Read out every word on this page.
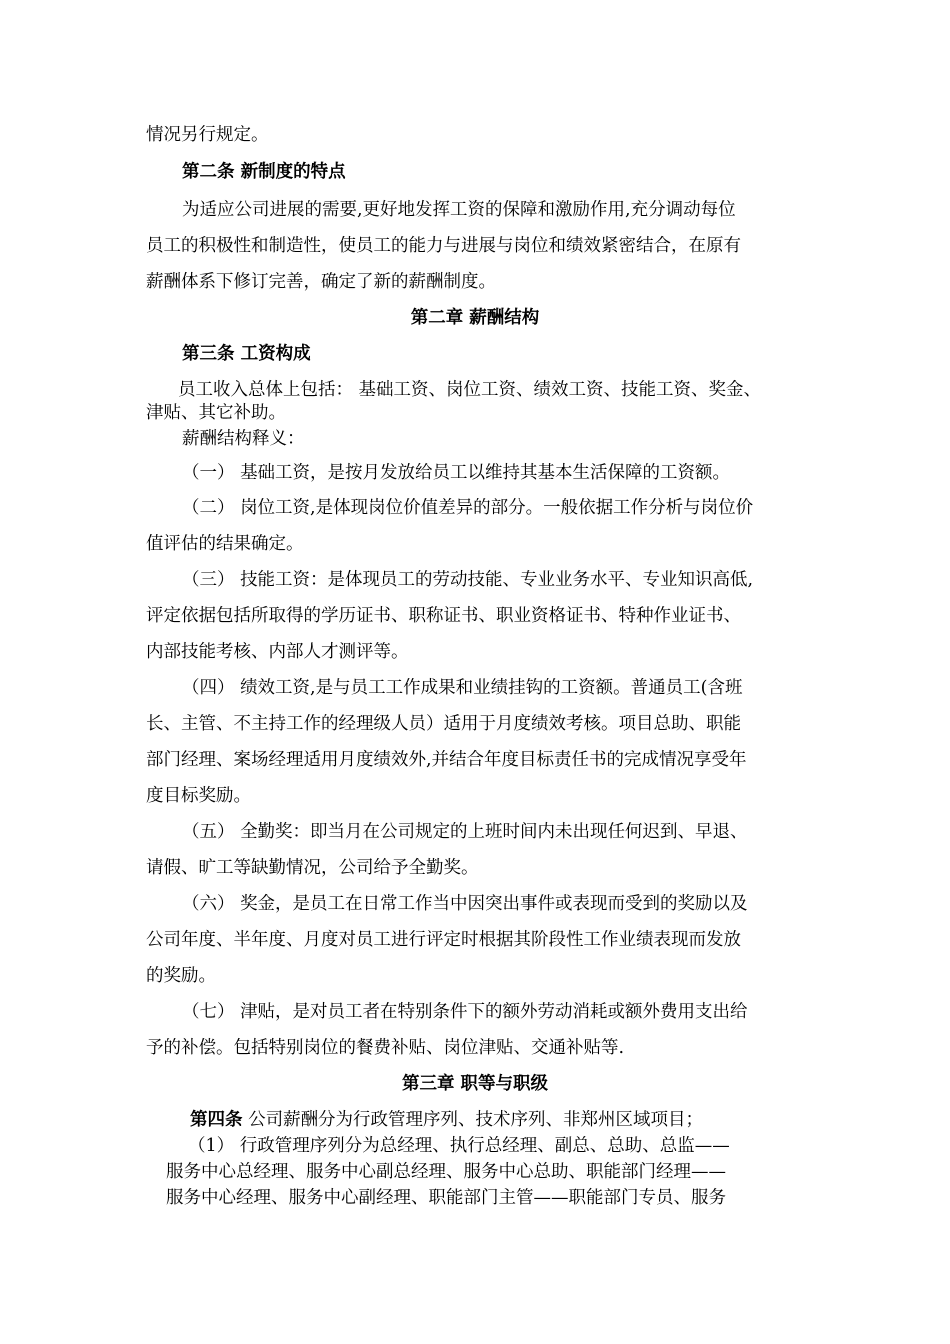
情况另行规定。
第二条 新制度的特点
为适应公司进展的需要,更好地发挥工资的保障和激励作用,充分调动每位
员工的积极性和制造性，使员工的能力与进展与岗位和绩效紧密结合，在原有
薪酬体系下修订完善，确定了新的薪酬制度。
第二章 薪酬结构
第三条 工资构成
员工收入总体上包括： 基础工资、岗位工资、绩效工资、技能工资、奖金、
津贴、其它补助。
薪酬结构释义：
（一） 基础工资，是按月发放给员工以维持其基本生活保障的工资额。
（二） 岗位工资,是体现岗位价值差异的部分。一般依据工作分析与岗位价
值评估的结果确定。
（三） 技能工资：是体现员工的劳动技能、专业业务水平、专业知识高低,
评定依据包括所取得的学历证书、职称证书、职业资格证书、特种作业证书、
内部技能考核、内部人才测评等。
（四） 绩效工资,是与员工工作成果和业绩挂钩的工资额。普通员工(含班
长、主管、不主持工作的经理级人员）适用于月度绩效考核。项目总助、职能
部门经理、案场经理适用月度绩效外,并结合年度目标责任书的完成情况享受年
度目标奖励。
（五） 全勤奖：即当月在公司规定的上班时间内未出现任何迟到、早退、
请假、旷工等缺勤情况，公司给予全勤奖。
（六） 奖金，是员工在日常工作当中因突出事件或表现而受到的奖励以及
公司年度、半年度、月度对员工进行评定时根据其阶段性工作业绩表现而发放
的奖励。
（七） 津贴，是对员工者在特别条件下的额外劳动消耗或额外费用支出给
予的补偿。包括特别岗位的餐费补贴、岗位津贴、交通补贴等.
第三章 职等与职级
第四条 公司薪酬分为行政管理序列、技术序列、非郑州区域项目；
（1） 行政管理序列分为总经理、执行总经理、副总、总助、总监——
服务中心总经理、服务中心副总经理、服务中心总助、职能部门经理——
服务中心经理、服务中心副经理、职能部门主管——职能部门专员、服务
